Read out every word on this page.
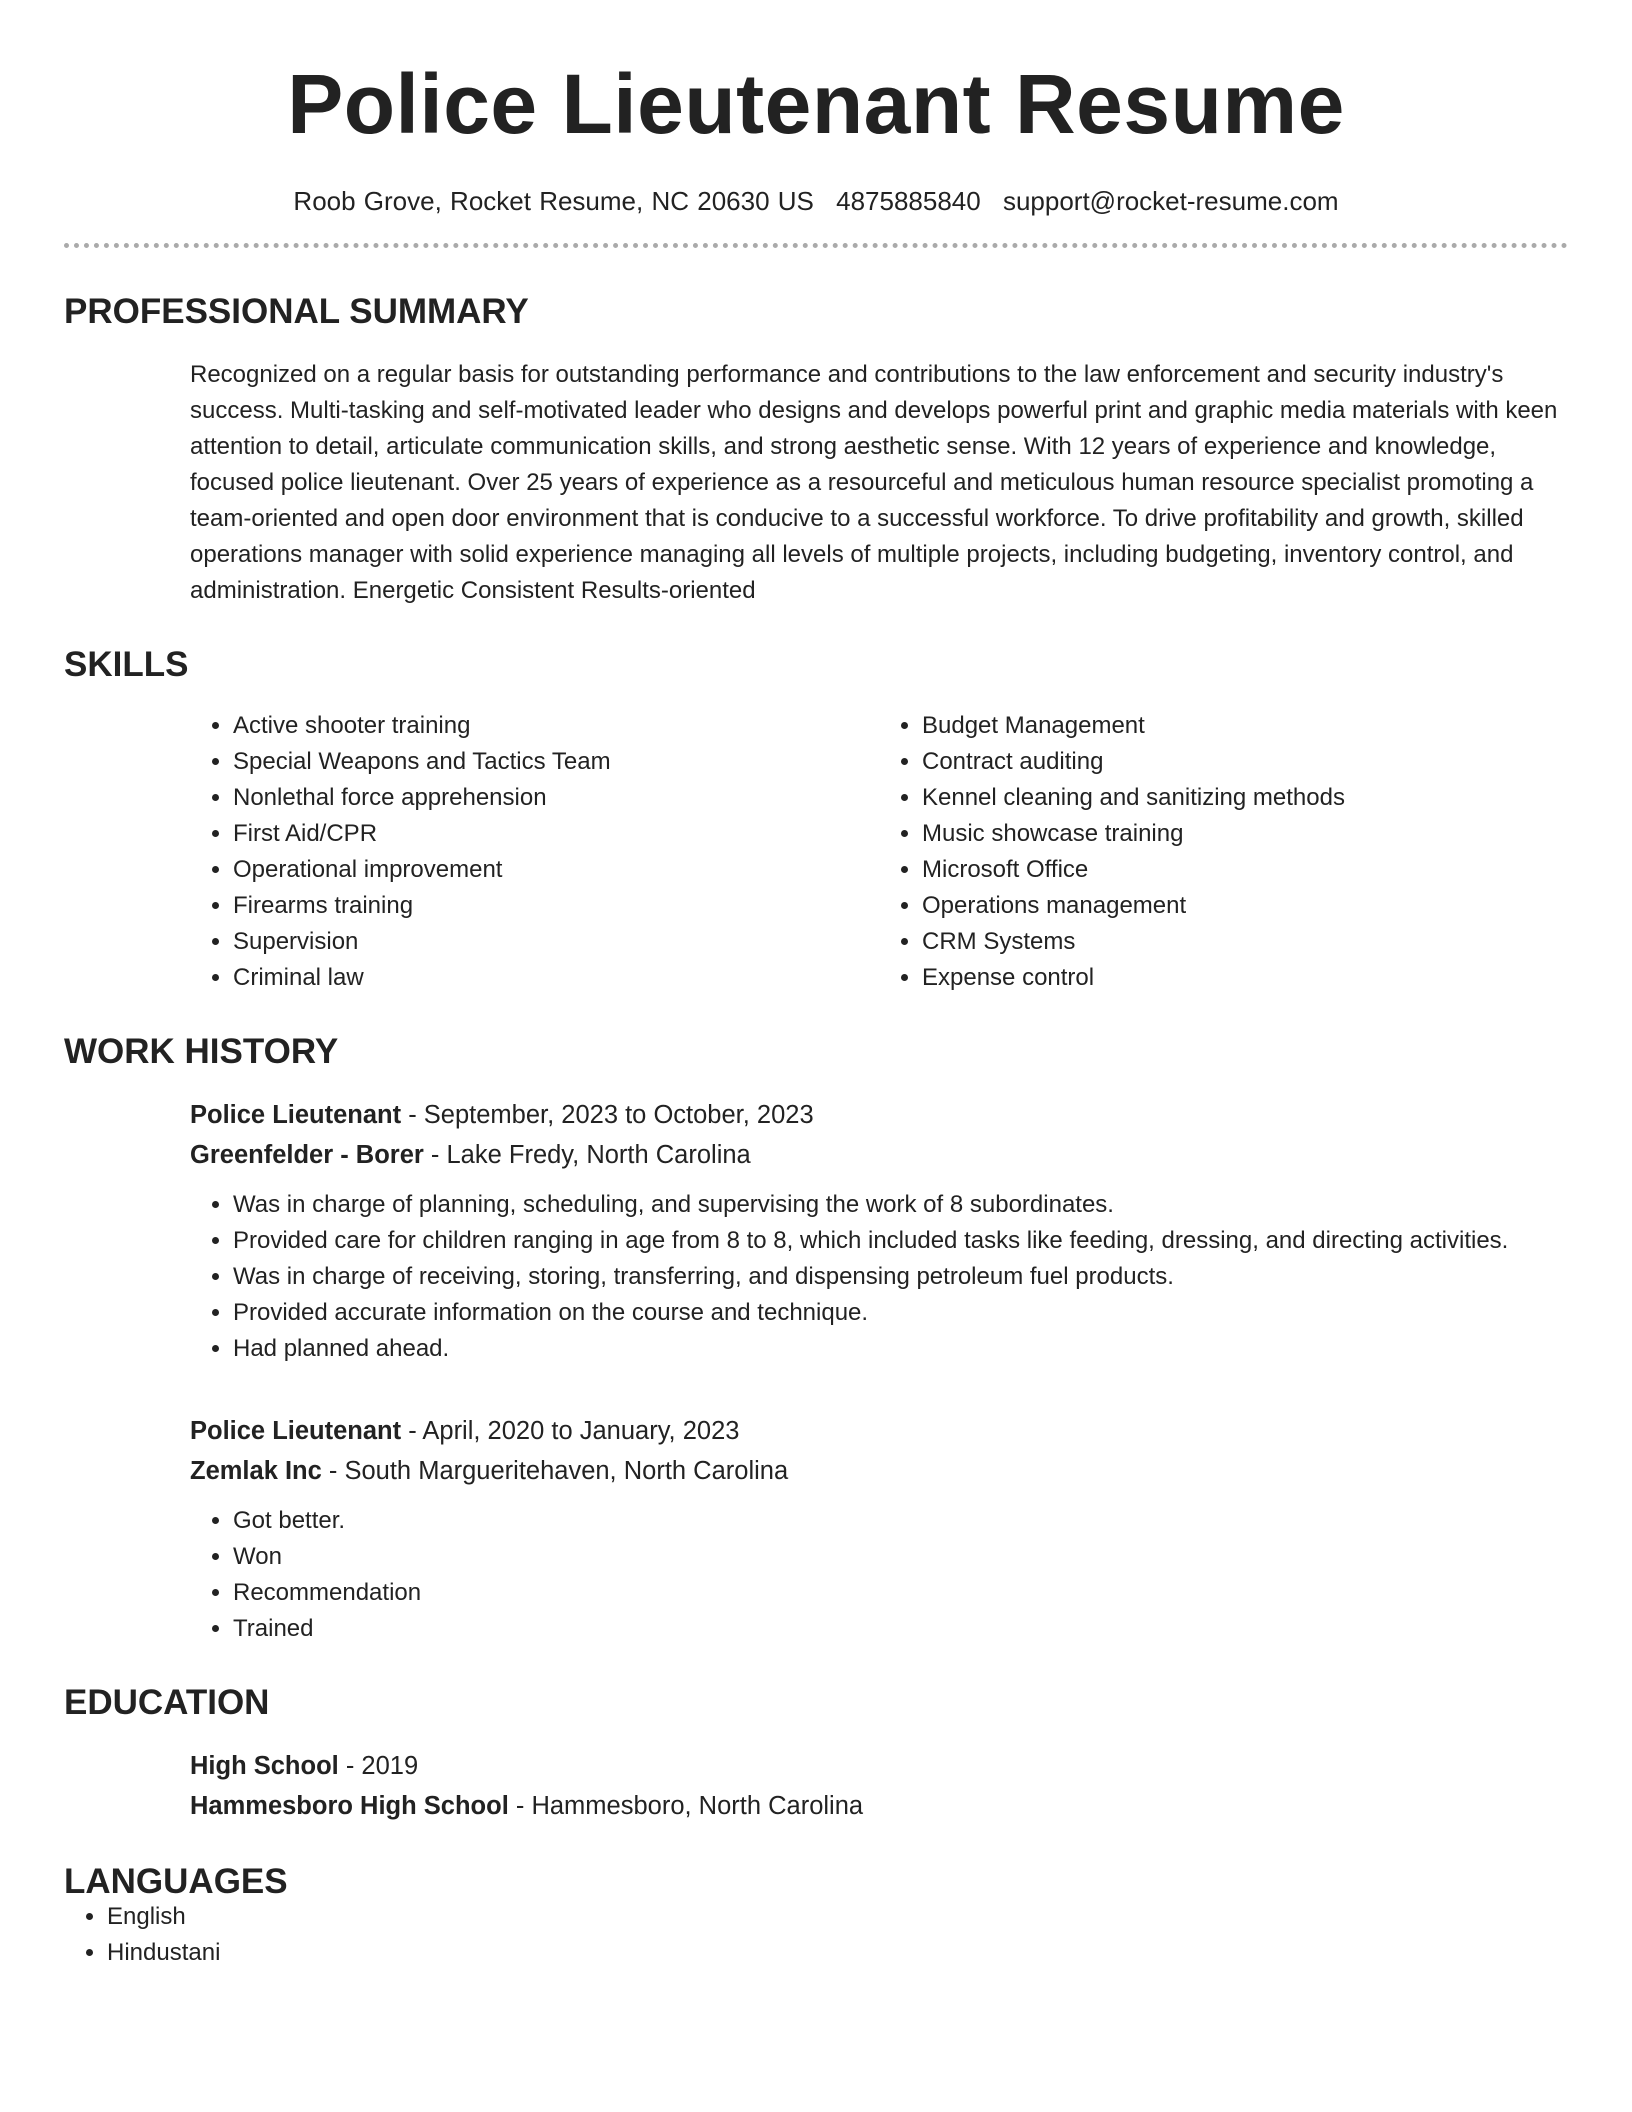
Police Lieutenant Resume
Roob Grove, Rocket Resume, NC 20630 US 4875885840 support@rocket-resume.com
PROFESSIONAL SUMMARY
Recognized on a regular basis for outstanding performance and contributions to the law enforcement and security industry's success. Multi-tasking and self-motivated leader who designs and develops powerful print and graphic media materials with keen attention to detail, articulate communication skills, and strong aesthetic sense. With 12 years of experience and knowledge, focused police lieutenant. Over 25 years of experience as a resourceful and meticulous human resource specialist promoting a team-oriented and open door environment that is conducive to a successful workforce. To drive profitability and growth, skilled operations manager with solid experience managing all levels of multiple projects, including budgeting, inventory control, and administration. Energetic Consistent Results-oriented
SKILLS
• Active shooter training
• Special Weapons and Tactics Team
• Nonlethal force apprehension
• First Aid/CPR
• Operational improvement
• Firearms training
• Supervision
• Criminal law
• Budget Management
• Contract auditing
• Kennel cleaning and sanitizing methods
• Music showcase training
• Microsoft Office
• Operations management
• CRM Systems
• Expense control
WORK HISTORY
Police Lieutenant - September, 2023 to October, 2023
Greenfelder - Borer - Lake Fredy, North Carolina
• Was in charge of planning, scheduling, and supervising the work of 8 subordinates.
• Provided care for children ranging in age from 8 to 8, which included tasks like feeding, dressing, and directing activities.
• Was in charge of receiving, storing, transferring, and dispensing petroleum fuel products.
• Provided accurate information on the course and technique.
• Had planned ahead.
Police Lieutenant - April, 2020 to January, 2023
Zemlak Inc - South Margueritehaven, North Carolina
• Got better.
• Won
• Recommendation
• Trained
EDUCATION
High School - 2019
Hammesboro High School - Hammesboro, North Carolina
LANGUAGES
• English
• Hindustani
